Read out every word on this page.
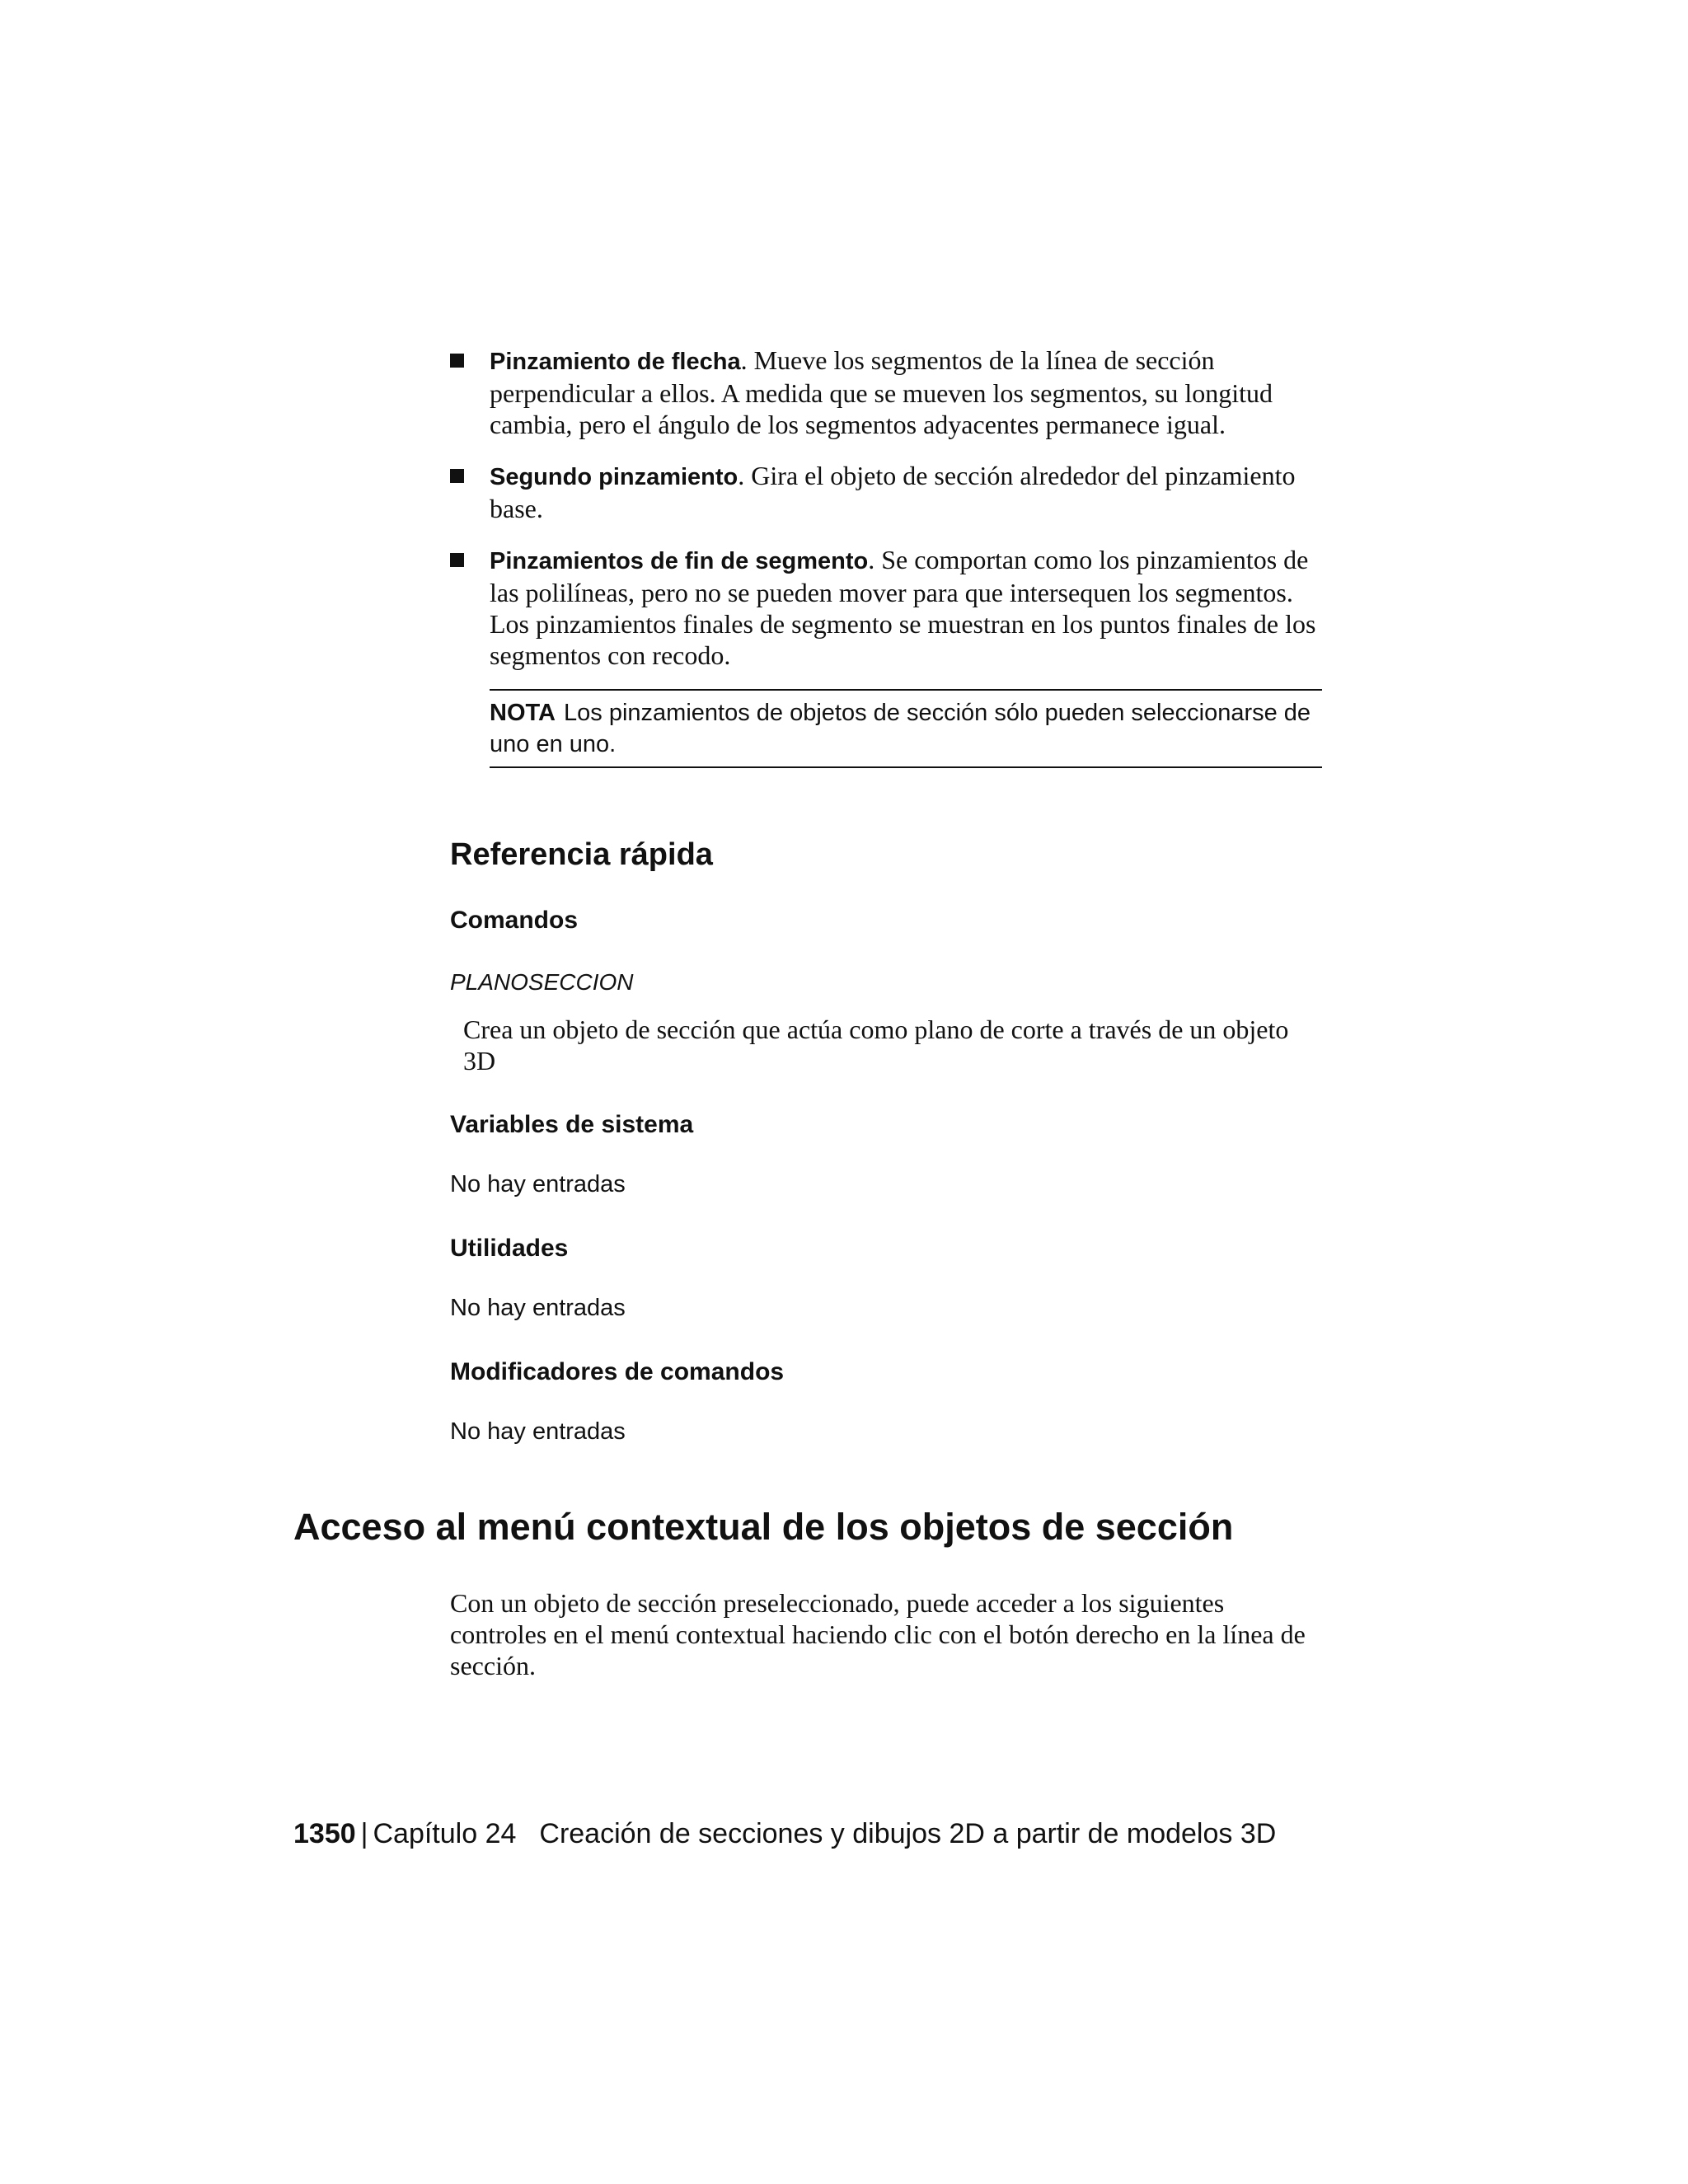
Pinzamiento de flecha. Mueve los segmentos de la línea de sección perpendicular a ellos. A medida que se mueven los segmentos, su longitud cambia, pero el ángulo de los segmentos adyacentes permanece igual.
Segundo pinzamiento. Gira el objeto de sección alrededor del pinzamiento base.
Pinzamientos de fin de segmento. Se comportan como los pinzamientos de las polilíneas, pero no se pueden mover para que intersequen los segmentos. Los pinzamientos finales de segmento se muestran en los puntos finales de los segmentos con recodo.
NOTA Los pinzamientos de objetos de sección sólo pueden seleccionarse de uno en uno.
Referencia rápida
Comandos
PLANOSECCION
Crea un objeto de sección que actúa como plano de corte a través de un objeto 3D
Variables de sistema
No hay entradas
Utilidades
No hay entradas
Modificadores de comandos
No hay entradas
Acceso al menú contextual de los objetos de sección
Con un objeto de sección preseleccionado, puede acceder a los siguientes controles en el menú contextual haciendo clic con el botón derecho en la línea de sección.
1350 | Capítulo 24 Creación de secciones y dibujos 2D a partir de modelos 3D
